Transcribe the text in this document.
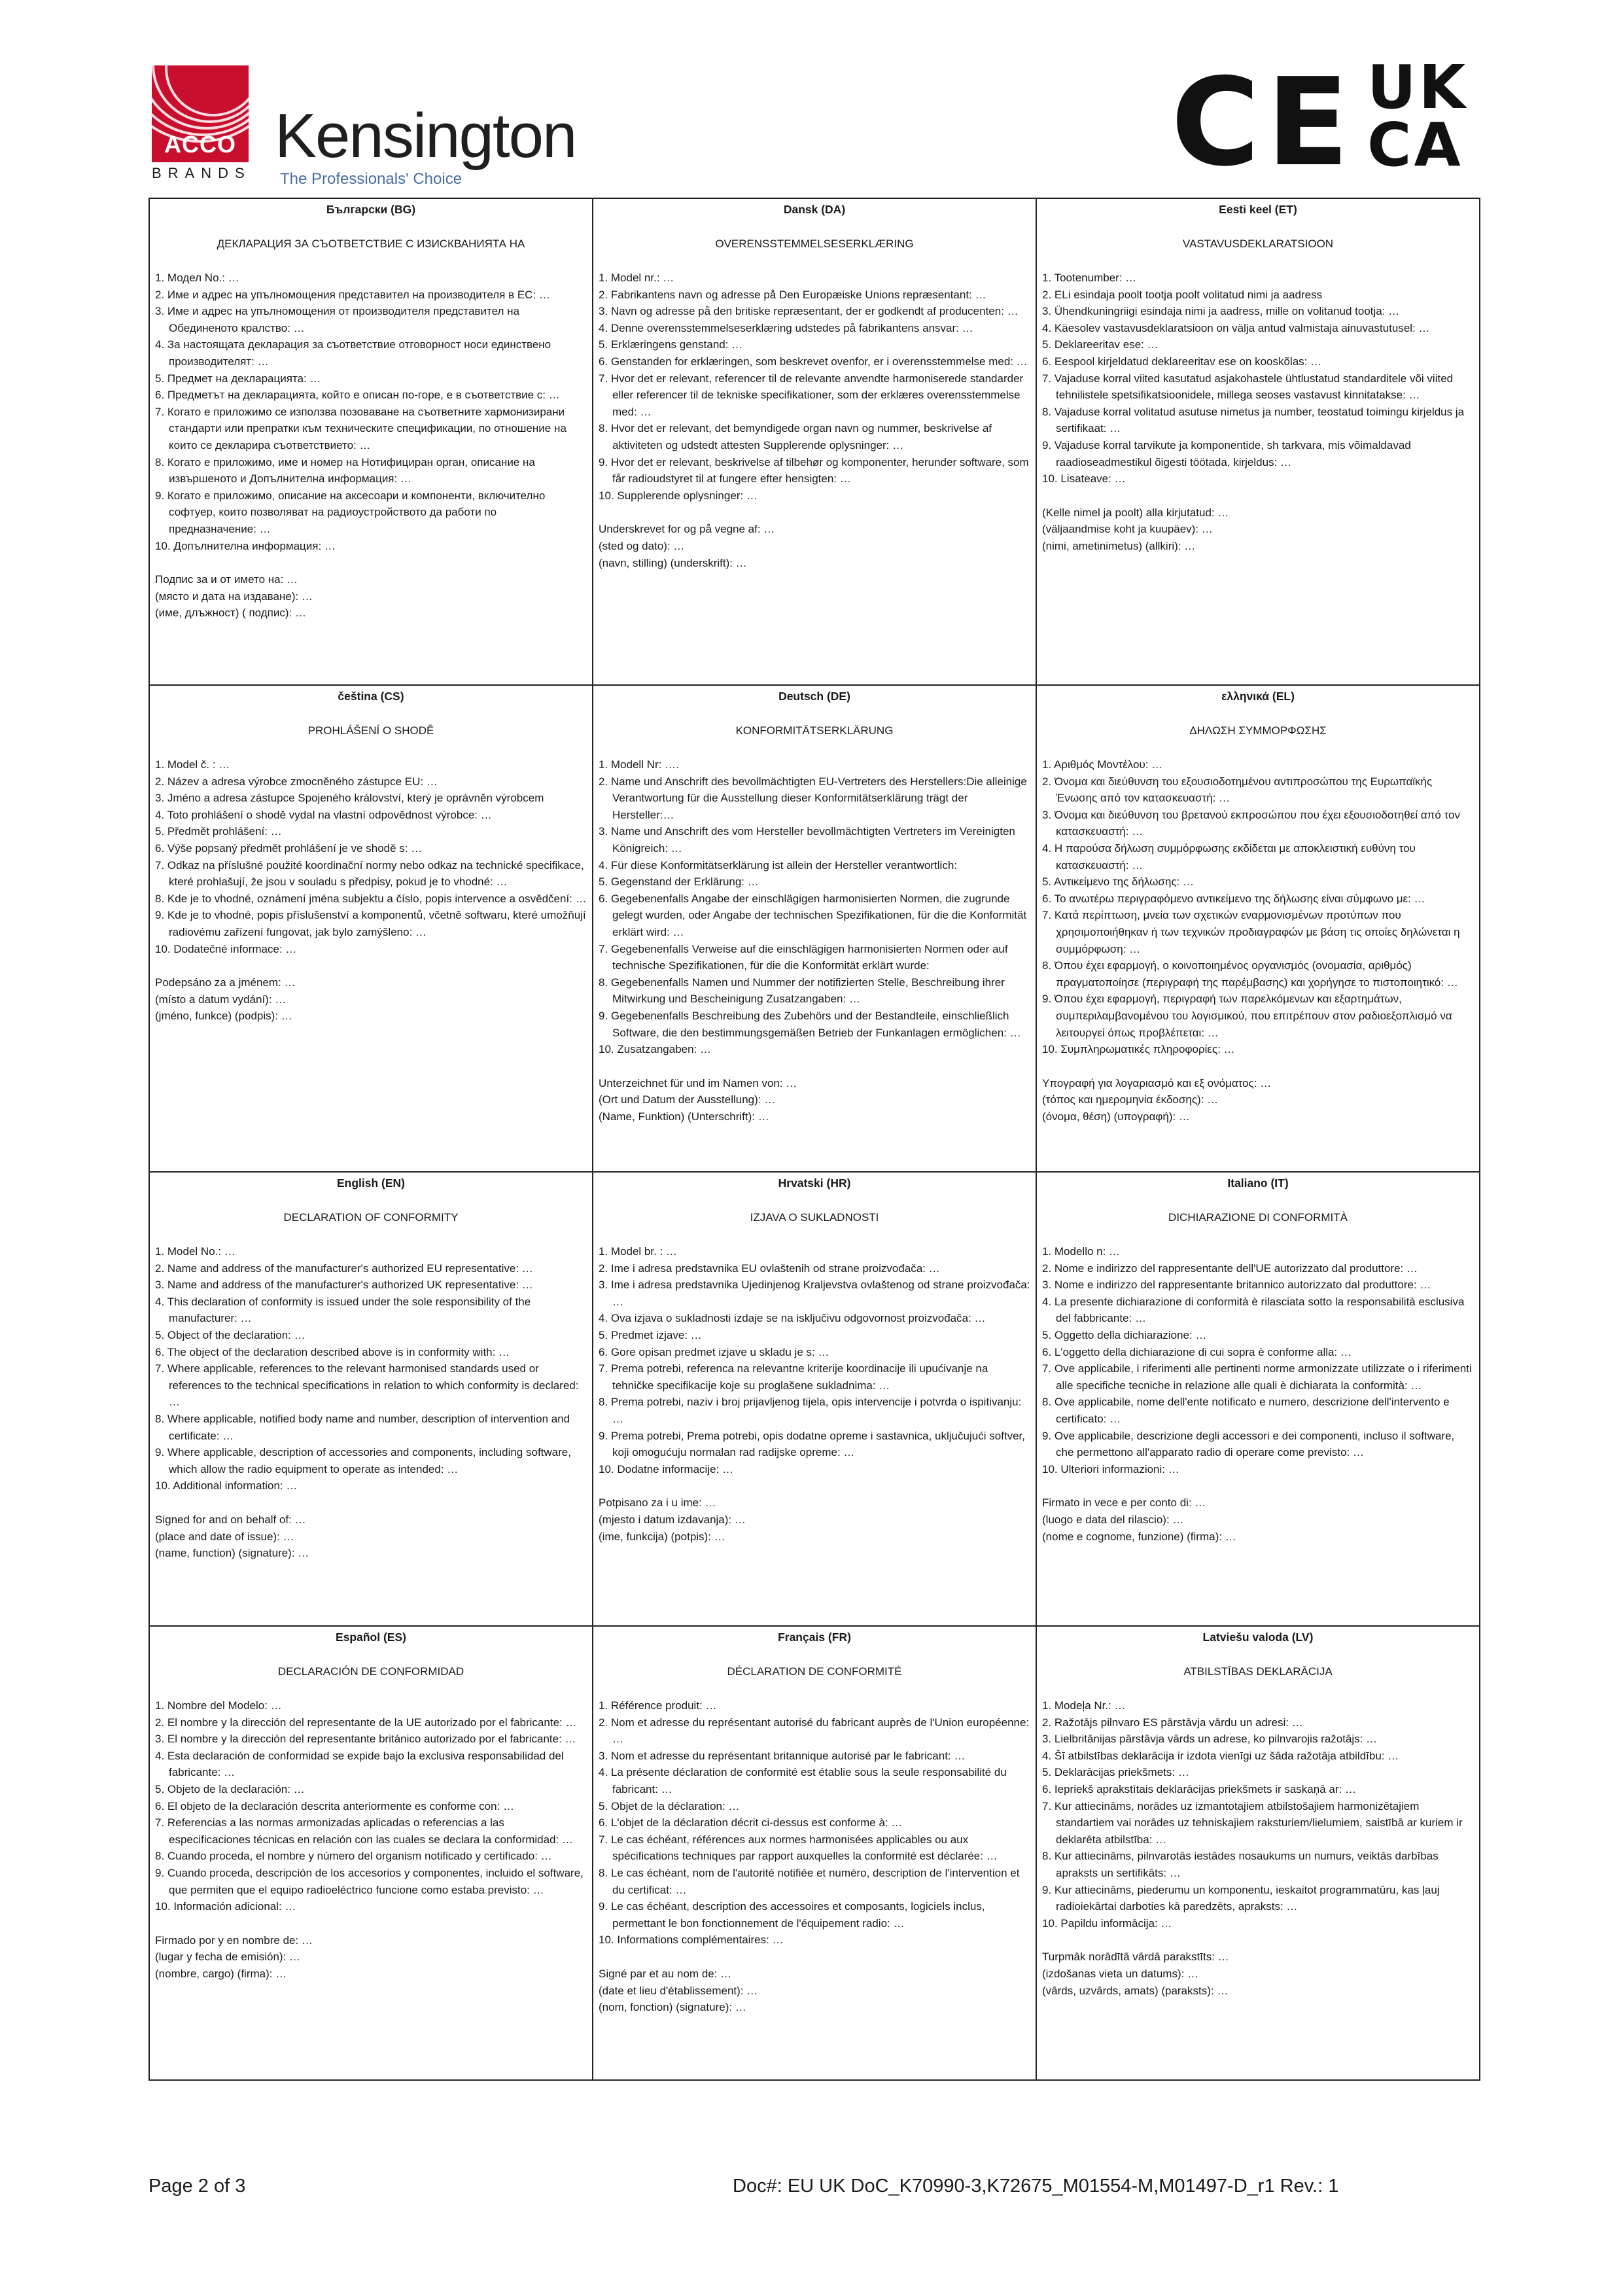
ACCO
BRANDS
Kensington
The Professionals' Choice	CE UK
CA
Български (BG)
ДЕКЛАРАЦИЯ ЗА СЪОТВЕТСТВИЕ С ИЗИСКВАНИЯТА НА
1. Модел No.: …
2. Име и адрес на упълномощения представител на производителя в ЕС: …
3. Име и адрес на упълномощения от производителя представител на Обединеното кралство: …
4. За настоящата декларация за съответствие отговорност носи единствено производителят: …
5. Предмет на декларацията: …
6. Предметът на декларацията, който е описан по-горе, е в съответствие с: …
7. Когато е приложимо се използва позоваване на съответните хармонизирани стандарти или препратки към техническите спецификации, по отношение на които се декларира съответствието: …
8. Когато е приложимо, име и номер на Нотифициран орган, описание на извършеното и Допълнителна информация: …
9. Когато е приложимо, описание на аксесоари и компоненти, включително софтуер, които позволяват на радиоустройството да работи по предназначение: …
10. Допълнителна информация: …
Подпис за и от името на: …
(място и дата на издаване): …
(име, длъжност) ( подпис): …
Dansk (DA)
OVERENSSTEMMELSESERKLÆRING
1. Model nr.: …
2. Fabrikantens navn og adresse på Den Europæiske Unions repræsentant: …
3. Navn og adresse på den britiske repræsentant, der er godkendt af producenten: …
4. Denne overensstemmelseserklæring udstedes på fabrikantens ansvar: …
5. Erklæringens genstand: …
6. Genstanden for erklæringen, som beskrevet ovenfor, er i overensstemmelse med: …
7. Hvor det er relevant, referencer til de relevante anvendte harmoniserede standarder eller referencer til de tekniske specifikationer, som der erklæres overensstemmelse med: …
8. Hvor det er relevant, det bemyndigede organ navn og nummer, beskrivelse af aktiviteten og udstedt attesten Supplerende oplysninger: …
9. Hvor det er relevant, beskrivelse af tilbehør og komponenter, herunder software, som får radioudstyret til at fungere efter hensigten: …
10. Supplerende oplysninger: …
Underskrevet for og på vegne af: …
(sted og dato): …
(navn, stilling) (underskrift): …
Eesti keel (ET)
VASTAVUSDEKLARATSIOON
1. Tootenumber: …
2. ELi esindaja poolt tootja poolt volitatud nimi ja aadress
3. Ühendkuningriigi esindaja nimi ja aadress, mille on volitanud tootja: …
4. Käesolev vastavusdeklaratsioon on välja antud valmistaja ainuvastutusel: …
5. Deklareeritav ese: …
6. Eespool kirjeldatud deklareeritav ese on kooskõlas: …
7. Vajaduse korral viited kasutatud asjakohastele ühtlustatud standarditele või viited tehnilistele spetsifikatsioonidele, millega seoses vastavust kinnitatakse: …
8. Vajaduse korral volitatud asutuse nimetus ja number, teostatud toimingu kirjeldus ja sertifikaat: …
9. Vajaduse korral tarvikute ja komponentide, sh tarkvara, mis võimaldavad raadioseadmestikul õigesti töötada, kirjeldus: …
10. Lisateave: …
(Kelle nimel ja poolt) alla kirjutatud: …
(väljaandmise koht ja kuupäev): …
(nimi, ametinimetus) (allkiri): …
čeština (CS)
PROHLÁŠENÍ O SHODĚ
1. Model č. : …
2. Název a adresa výrobce zmocněného zástupce EU: …
3. Jméno a adresa zástupce Spojeného království, který je oprávněn výrobcem
4. Toto prohlášení o shodě vydal na vlastní odpovědnost výrobce: …
5. Předmět prohlášení: …
6. Výše popsaný předmět prohlášení je ve shodě s: …
7. Odkaz na příslušné použité koordinační normy nebo odkaz na technické specifikace, které prohlašují, že jsou v souladu s předpisy, pokud je to vhodné: …
8. Kde je to vhodné, oznámení jména subjektu a číslo, popis intervence a osvědčení: …
9. Kde je to vhodné, popis příslušenství a komponentů, včetně softwaru, které umožňují radiovému zařízení fungovat, jak bylo zamýšleno: …
10. Dodatečné informace: …
Podepsáno za a jménem: …
(místo a datum vydání): …
(jméno, funkce) (podpis): …
Deutsch (DE)
KONFORMITÄTSERKLÄRUNG
1. Modell Nr: ….
2. Name und Anschrift des bevollmächtigten EU-Vertreters des Herstellers:Die alleinige Verantwortung für die Ausstellung dieser Konformitätserklärung trägt der Hersteller:…
3. Name und Anschrift des vom Hersteller bevollmächtigten Vertreters im Vereinigten Königreich: …
4. Für diese Konformitätserklärung ist allein der Hersteller verantwortlich:
5. Gegenstand der Erklärung: …
6. Gegebenenfalls Angabe der einschlägigen harmonisierten Normen, die zugrunde gelegt wurden, oder Angabe der technischen Spezifikationen, für die die Konformität erklärt wird: …
7. Gegebenenfalls Verweise auf die einschlägigen harmonisierten Normen oder auf technische Spezifikationen, für die die Konformität erklärt wurde:
8. Gegebenenfalls Namen und Nummer der notifizierten Stelle, Beschreibung ihrer Mitwirkung und Bescheinigung Zusatzangaben: …
9. Gegebenenfalls Beschreibung des Zubehörs und der Bestandteile, einschließlich Software, die den bestimmungsgemäßen Betrieb der Funkanlagen ermöglichen: …
10. Zusatzangaben: …
Unterzeichnet für und im Namen von: …
(Ort und Datum der Ausstellung): …
(Name, Funktion) (Unterschrift): …
ελληνικά (EL)
ΔΗΛΩΣΗ ΣΥΜΜΟΡΦΩΣΗΣ
1. Αριθμός Μοντέλου: …
2. Όνομα και διεύθυνση του εξουσιοδοτημένου αντιπροσώπου της Ευρωπαϊκής Ένωσης από τον κατασκευαστή: …
3. Όνομα και διεύθυνση του βρετανού εκπροσώπου που έχει εξουσιοδοτηθεί από τον κατασκευαστή: …
4. Η παρούσα δήλωση συμμόρφωσης εκδίδεται με αποκλειστική ευθύνη του κατασκευαστή: …
5. Αντικείμενο της δήλωσης: …
6. Το ανωτέρω περιγραφόμενο αντικείμενο της δήλωσης είναι σύμφωνο με: …
7. Κατά περίπτωση, μνεία των σχετικών εναρμονισμένων προτύπων που χρησιμοποιήθηκαν ή των τεχνικών προδιαγραφών με βάση τις οποίες δηλώνεται η συμμόρφωση: …
8. Όπου έχει εφαρμογή, ο κοινοποιημένος οργανισμός (ονομασία, αριθμός) πραγματοποίησε (περιγραφή της παρέμβασης) και χορήγησε το πιστοποιητικό: …
9. Όπου έχει εφαρμογή, περιγραφή των παρελκόμενων και εξαρτημάτων, συμπεριλαμβανομένου του λογισμικού, που επιτρέπουν στον ραδιοεξοπλισμό να λειτουργεί όπως προβλέπεται: …
10. Συμπληρωματικές πληροφορίες: …
Υπογραφή για λογαριασμό και εξ ονόματος: …
(τόπος και ημερομηνία έκδοσης): …
(όνομα, θέση) (υπογραφή): …
English (EN)
DECLARATION OF CONFORMITY
1. Model No.: …
2. Name and address of the manufacturer's authorized EU representative: …
3. Name and address of the manufacturer's authorized UK representative: …
4. This declaration of conformity is issued under the sole responsibility of the manufacturer: …
5. Object of the declaration: …
6. The object of the declaration described above is in conformity with: …
7. Where applicable, references to the relevant harmonised standards used or references to the technical specifications in relation to which conformity is declared: …
8. Where applicable, notified body name and number, description of intervention and certificate: …
9. Where applicable, description of accessories and components, including software, which allow the radio equipment to operate as intended: …
10. Additional information: …
Signed for and on behalf of: …
(place and date of issue): …
(name, function) (signature): …
Hrvatski (HR)
IZJAVA O SUKLADNOSTI
1. Model br. : …
2. Ime i adresa predstavnika EU ovlaštenih od strane proizvođača: …
3. Ime i adresa predstavnika Ujedinjenog Kraljevstva ovlaštenog od strane proizvođača: …
4. Ova izjava o sukladnosti izdaje se na isključivu odgovornost proizvođača: …
5. Predmet izjave: …
6. Gore opisan predmet izjave u skladu je s: …
7. Prema potrebi, referenca na relevantne kriterije koordinacije ili upućivanje na tehničke specifikacije koje su proglašene sukladnima: …
8. Prema potrebi, naziv i broj prijavljenog tijela, opis intervencije i potvrda o ispitivanju: …
9. Prema potrebi, Prema potrebi, opis dodatne opreme i sastavnica, uključujući softver, koji omogućuju normalan rad radijske opreme: …
10. Dodatne informacije: …
Potpisano za i u ime: …
(mjesto i datum izdavanja): …
(ime, funkcija) (potpis): …
Italiano (IT)
DICHIARAZIONE DI CONFORMITÀ
1. Modello n: …
2. Nome e indirizzo del rappresentante dell'UE autorizzato dal produttore: …
3. Nome e indirizzo del rappresentante britannico autorizzato dal produttore: …
4. La presente dichiarazione di conformità è rilasciata sotto la responsabilità esclusiva del fabbricante: …
5. Oggetto della dichiarazione: …
6. L'oggetto della dichiarazione di cui sopra è conforme alla: …
7. Ove applicabile, i riferimenti alle pertinenti norme armonizzate utilizzate o i riferimenti alle specifiche tecniche in relazione alle quali è dichiarata la conformità: …
8. Ove applicabile, nome dell'ente notificato e numero, descrizione dell'intervento e certificato: …
9. Ove applicabile, descrizione degli accessori e dei componenti, incluso il software, che permettono all'apparato radio di operare come previsto: …
10. Ulteriori informazioni: …
Firmato in vece e per conto di: …
(luogo e data del rilascio): …
(nome e cognome, funzione) (firma): …
Español (ES)
DECLARACIÓN DE CONFORMIDAD
1. Nombre del Modelo: …
2. El nombre y la dirección del representante de la UE autorizado por el fabricante: …
3. El nombre y la dirección del representante británico autorizado por el fabricante: …
4. Esta declaración de conformidad se expide bajo la exclusiva responsabilidad del fabricante: …
5. Objeto de la declaración: …
6. El objeto de la declaración descrita anteriormente es conforme con: …
7. Referencias a las normas armonizadas aplicadas o referencias a las especificaciones técnicas en relación con las cuales se declara la conformidad: …
8. Cuando proceda, el nombre y número del organism notificado y certificado: …
9. Cuando proceda, descripción de los accesorios y componentes, incluido el software, que permiten que el equipo radioeléctrico funcione como estaba previsto: …
10. Información adicional: …
Firmado por y en nombre de: …
(lugar y fecha de emisión): …
(nombre, cargo) (firma): …
Français (FR)
DÉCLARATION DE CONFORMITÉ
1. Référence produit: …
2. Nom et adresse du représentant autorisé du fabricant auprès de l'Union européenne: …
3. Nom et adresse du représentant britannique autorisé par le fabricant: …
4. La présente déclaration de conformité est établie sous la seule responsabilité du fabricant: …
5. Objet de la déclaration: …
6. L'objet de la déclaration décrit ci-dessus est conforme à: …
7. Le cas échéant, références aux normes harmonisées applicables ou aux spécifications techniques par rapport auxquelles la conformité est déclarée: …
8. Le cas échéant, nom de l'autorité notifiée et numéro, description de l'intervention et du certificat: …
9. Le cas échéant, description des accessoires et composants, logiciels inclus, permettant le bon fonctionnement de l'équipement radio: …
10. Informations complémentaires: …
Signé par et au nom de: …
(date et lieu d'établissement): …
(nom, fonction) (signature): …
Latviešu valoda (LV)
ATBILSTĪBAS DEKLARĀCIJA
1. Modeļa Nr.: …
2. Ražotājs pilnvaro ES pārstāvja vārdu un adresi: …
3. Lielbritānijas pārstāvja vārds un adrese, ko pilnvarojis ražotājs: …
4. Šī atbilstības deklarācija ir izdota vienīgi uz šāda ražotāja atbildību: …
5. Deklarācijas priekšmets: …
6. Iepriekš aprakstītais deklarācijas priekšmets ir saskaņā ar: …
7. Kur attiecināms, norādes uz izmantotajiem atbilstošajiem harmonizētajiem standartiem vai norādes uz tehniskajiem raksturiem/lielumiem, saistībā ar kuriem ir deklarēta atbilstība: …
8. Kur attiecināms, pilnvarotās iestādes nosaukums un numurs, veiktās darbības apraksts un sertifikāts: …
9. Kur attiecināms, piederumu un komponentu, ieskaitot programmatūru, kas ļauj radioiekārtai darboties kā paredzēts, apraksts: …
10. Papildu informācija: …
Turpmāk norādītā vārdā parakstīts: …
(izdošanas vieta un datums): …
(vārds, uzvārds, amats) (paraksts): …
Page 2 of 3	Doc#: EU UK DoC_K70990-3,K72675_M01554-M,M01497-D_r1 Rev.: 1
